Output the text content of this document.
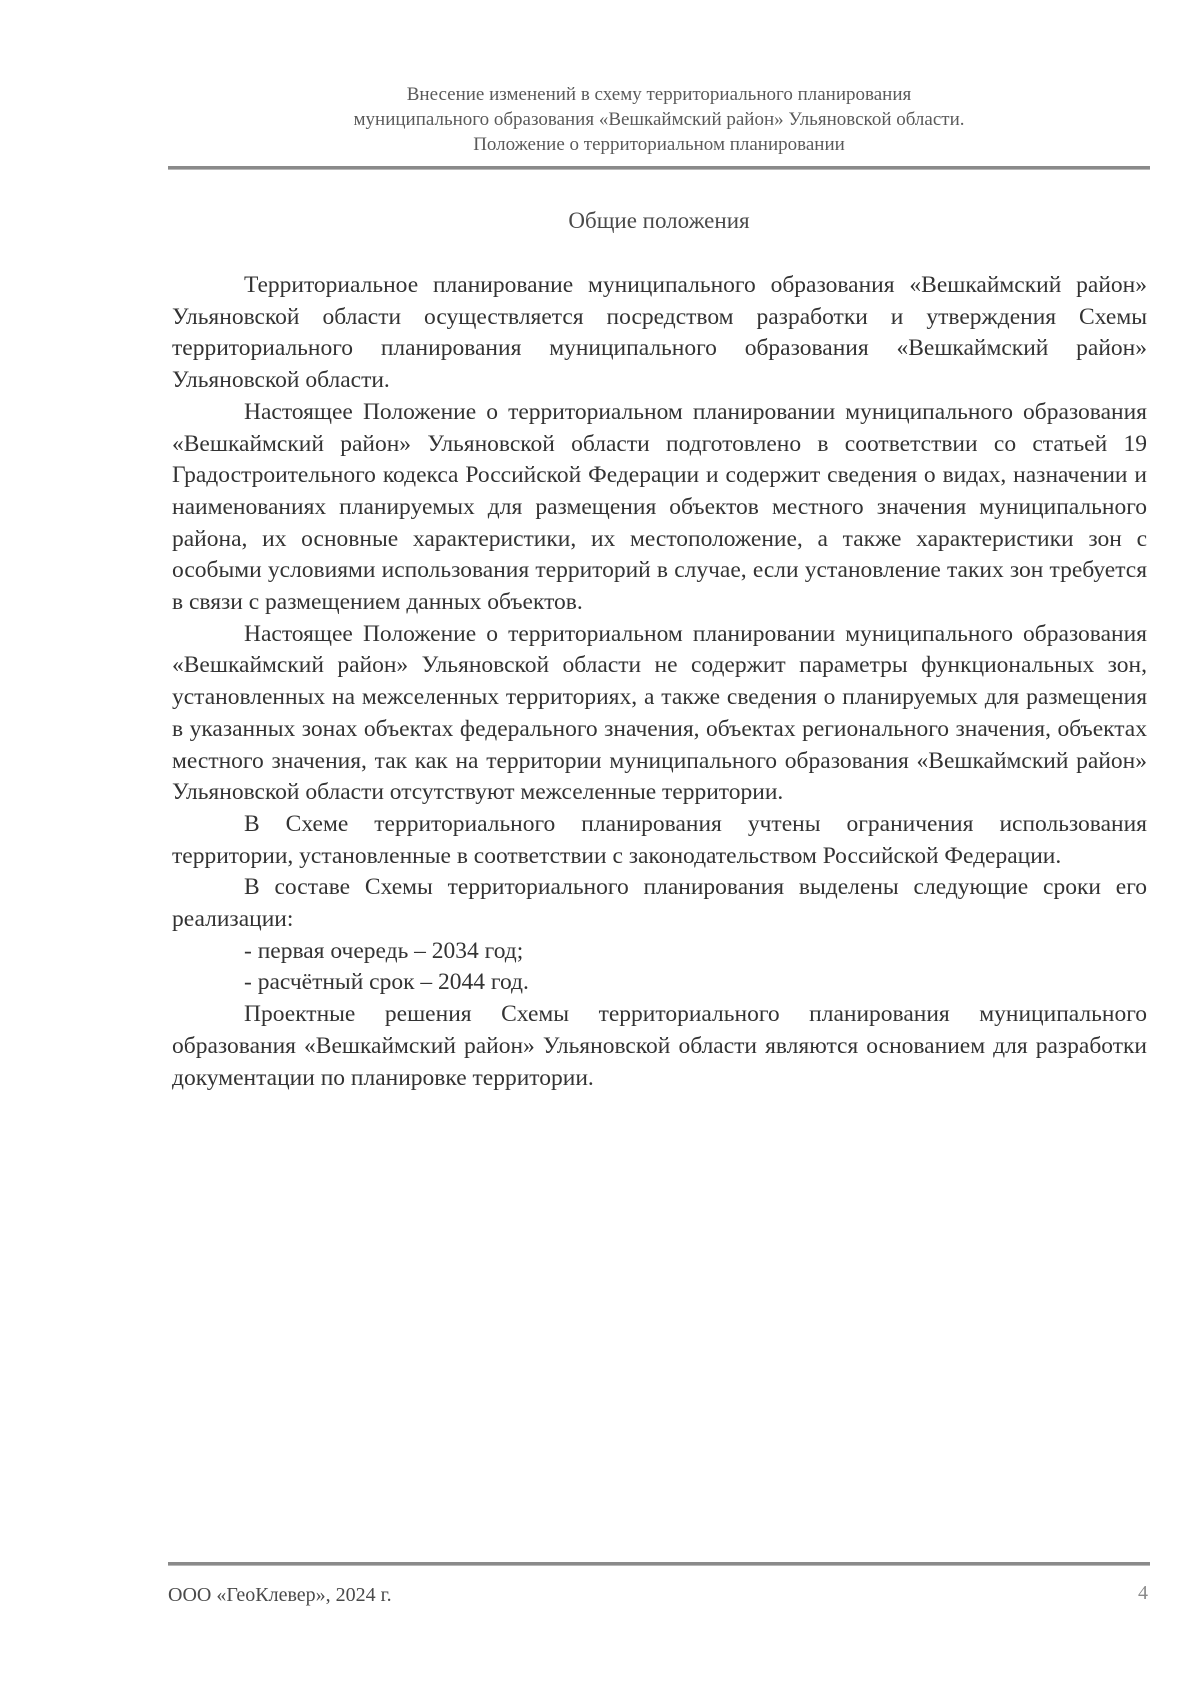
Внесение изменений в схему территориального планирования
муниципального образования «Вешкаймский район» Ульяновской области.
Положение о территориальном планировании
Общие положения

Территориальное планирование муниципального образования «Вешкаймский район» Ульяновской области осуществляется посредством разработки и утверждения Схемы территориального планирования муниципального образования «Вешкаймский район» Ульяновской области.

Настоящее Положение о территориальном планировании муниципального образования «Вешкаймский район» Ульяновской области подготовлено в соответствии со статьей 19 Градостроительного кодекса Российской Федерации и содержит сведения о видах, назначении и наименованиях планируемых для размещения объектов местного значения муниципального района, их основные характеристики, их местоположение, а также характеристики зон с особыми условиями использования территорий в случае, если установление таких зон требуется в связи с размещением данных объектов.

Настоящее Положение о территориальном планировании муниципального образования «Вешкаймский район» Ульяновской области не содержит параметры функциональных зон, установленных на межселенных территориях, а также сведения о планируемых для размещения в указанных зонах объектах федерального значения, объектах регионального значения, объектах местного значения, так как на территории муниципального образования «Вешкаймский район» Ульяновской области отсутствуют межселенные территории.

В Схеме территориального планирования учтены ограничения использования территории, установленные в соответствии с законодательством Российской Федерации.

В составе Схемы территориального планирования выделены следующие сроки его реализации:

- первая очередь – 2034 год;

- расчётный срок – 2044 год.

Проектные решения Схемы территориального планирования муниципального образования «Вешкаймский район» Ульяновской области являются основанием для разработки документации по планировке территории.

ООО «ГеоКлевер», 2024 г.	4
